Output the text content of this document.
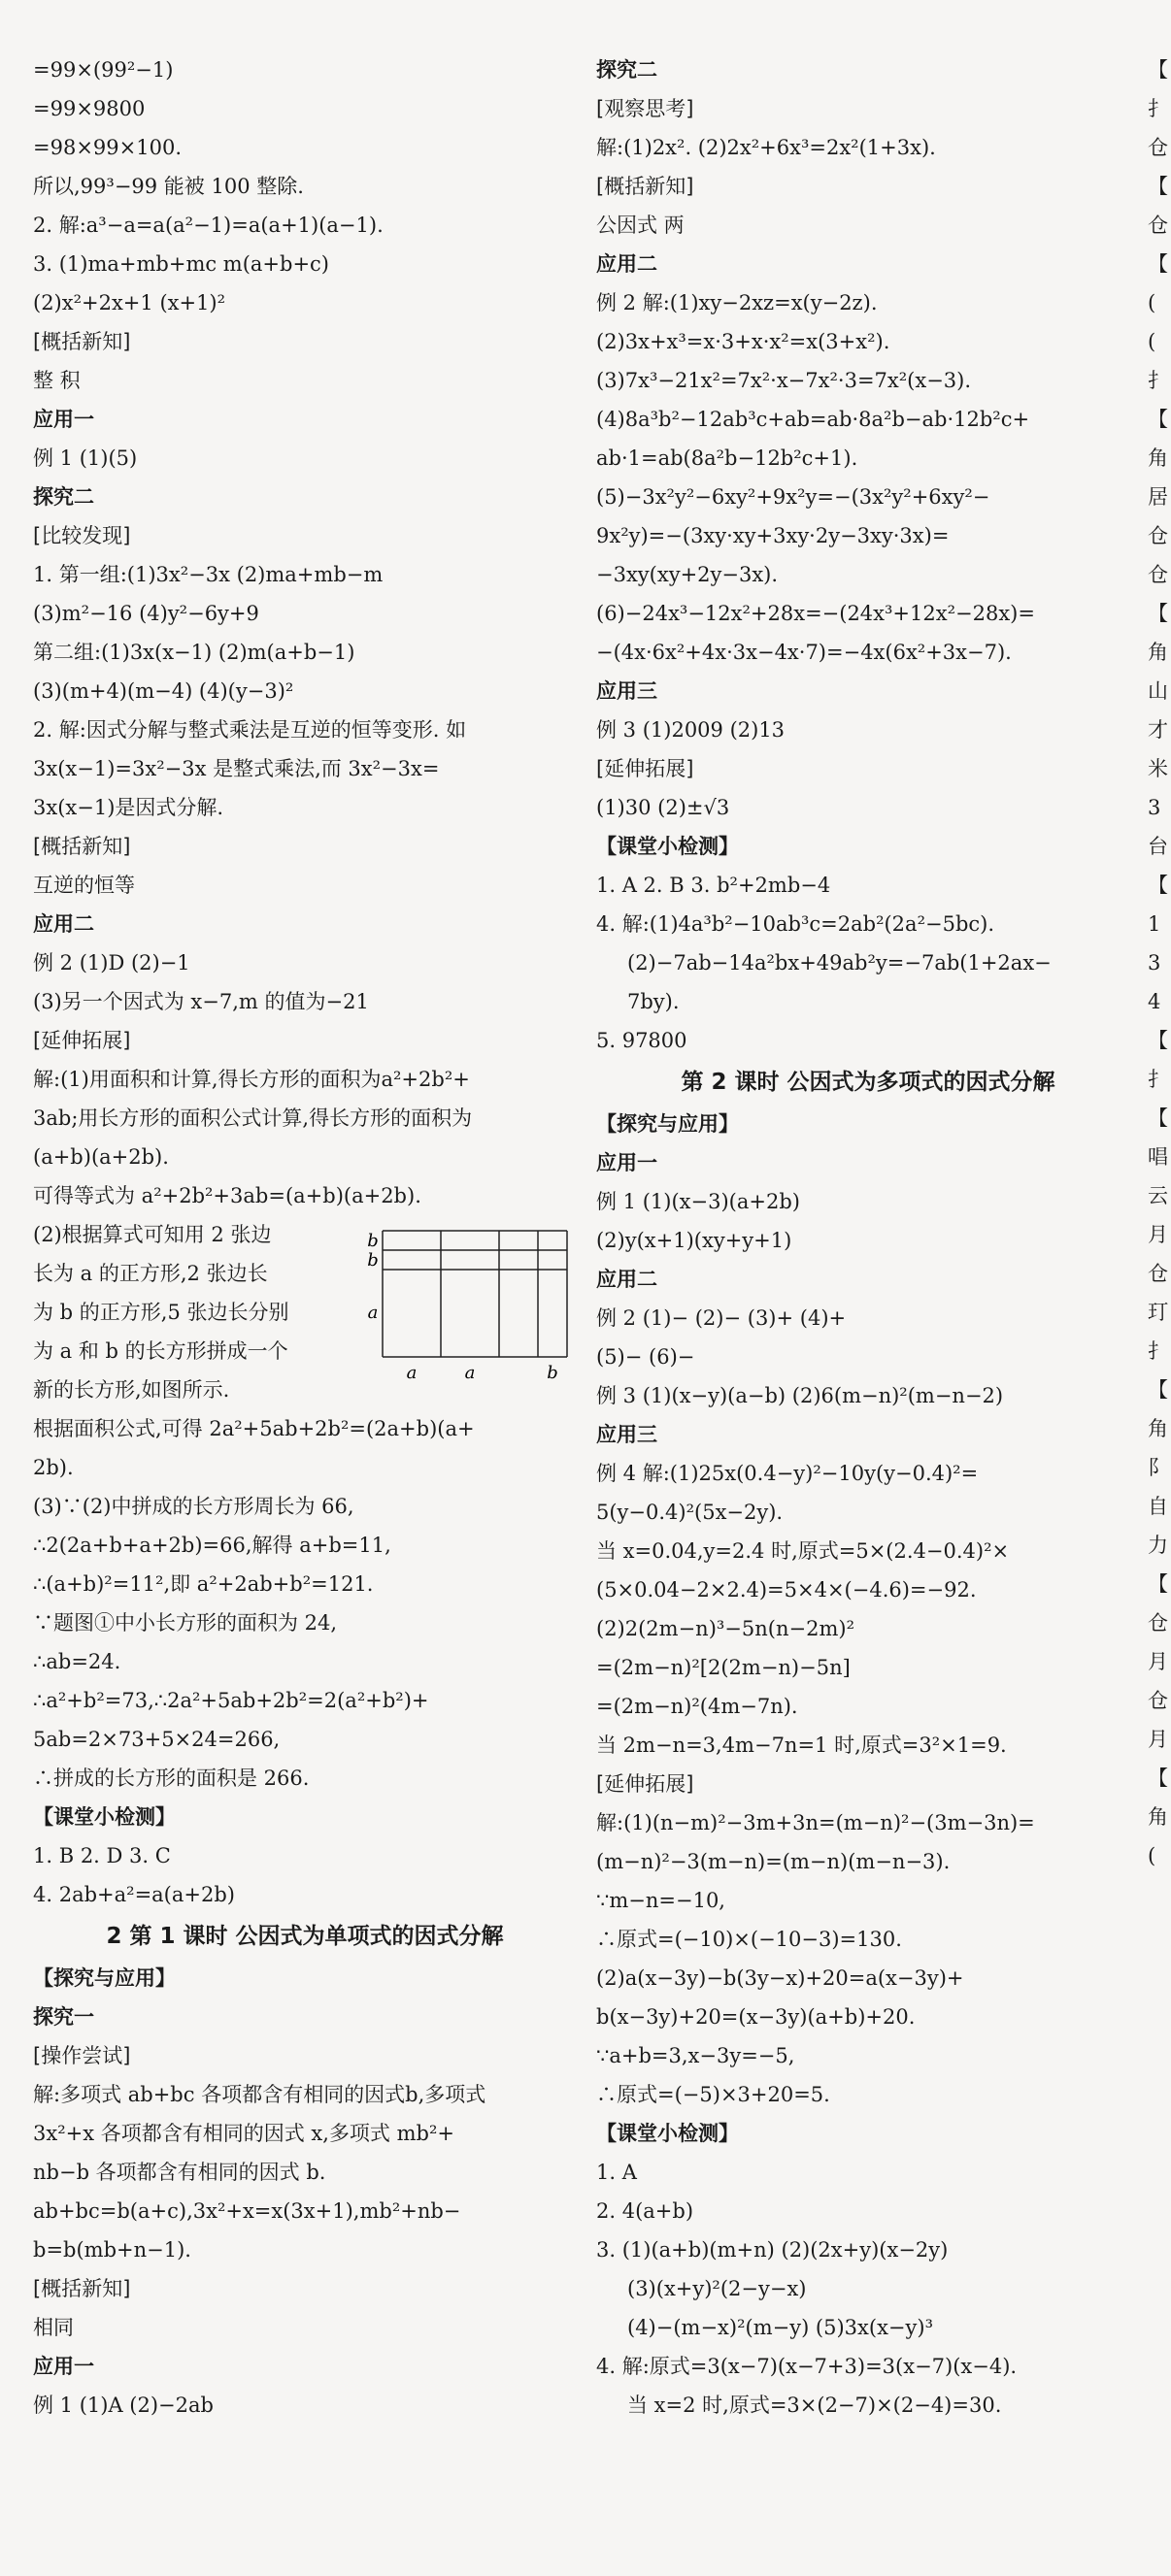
=99×(99²−1)
=99×9800
=98×99×100.
所以,99³−99 能被 100 整除.
2. 解:a³−a=a(a²−1)=a(a+1)(a−1).
3. (1)ma+mb+mc m(a+b+c)
(2)x²+2x+1 (x+1)²
[概括新知]
整 积
应用一
例 1 (1)(5)
探究二
[比较发现]
1. 第一组:(1)3x²−3x (2)ma+mb−m
(3)m²−16 (4)y²−6y+9
第二组:(1)3x(x−1) (2)m(a+b−1)
(3)(m+4)(m−4) (4)(y−3)²
2. 解:因式分解与整式乘法是互逆的恒等变形. 如
3x(x−1)=3x²−3x 是整式乘法,而 3x²−3x=
3x(x−1)是因式分解.
[概括新知]
互逆的恒等
应用二
例 2 (1)D (2)−1
(3)另一个因式为 x−7,m 的值为−21
[延伸拓展]
解:(1)用面积和计算,得长方形的面积为a²+2b²+
3ab;用长方形的面积公式计算,得长方形的面积为
(a+b)(a+2b).
可得等式为 a²+2b²+3ab=(a+b)(a+2b).
(2)根据算式可知用 2 张边
长为 a 的正方形,2 张边长
为 b 的正方形,5 张边长分别
为 a 和 b 的长方形拼成一个
新的长方形,如图所示.
b
b
a
a	a	b
根据面积公式,可得 2a²+5ab+2b²=(2a+b)(a+
2b).
(3)∵(2)中拼成的长方形周长为 66,
∴2(2a+b+a+2b)=66,解得 a+b=11,
∴(a+b)²=11²,即 a²+2ab+b²=121.
∵题图①中小长方形的面积为 24,
∴ab=24.
∴a²+b²=73,∴2a²+5ab+2b²=2(a²+b²)+
5ab=2×73+5×24=266,
∴拼成的长方形的面积是 266.
【课堂小检测】
1. B 2. D 3. C
4. 2ab+a²=a(a+2b)
2 第 1 课时 公因式为单项式的因式分解
【探究与应用】
探究一
[操作尝试]
解:多项式 ab+bc 各项都含有相同的因式b,多项式
3x²+x 各项都含有相同的因式 x,多项式 mb²+
nb−b 各项都含有相同的因式 b.
ab+bc=b(a+c),3x²+x=x(3x+1),mb²+nb−
b=b(mb+n−1).
[概括新知]
相同
应用一
例 1 (1)A (2)−2ab
探究二
[观察思考]
解:(1)2x². (2)2x²+6x³=2x²(1+3x).
[概括新知]
公因式 两
应用二
例 2 解:(1)xy−2xz=x(y−2z).
(2)3x+x³=x·3+x·x²=x(3+x²).
(3)7x³−21x²=7x²·x−7x²·3=7x²(x−3).
(4)8a³b²−12ab³c+ab=ab·8a²b−ab·12b²c+
ab·1=ab(8a²b−12b²c+1).
(5)−3x²y²−6xy²+9x²y=−(3x²y²+6xy²−
9x²y)=−(3xy·xy+3xy·2y−3xy·3x)=
−3xy(xy+2y−3x).
(6)−24x³−12x²+28x=−(24x³+12x²−28x)=
−(4x·6x²+4x·3x−4x·7)=−4x(6x²+3x−7).
应用三
例 3 (1)2009 (2)13
[延伸拓展]
(1)30 (2)±√3
【课堂小检测】
1. A 2. B 3. b²+2mb−4
4. 解:(1)4a³b²−10ab³c=2ab²(2a²−5bc).
(2)−7ab−14a²bx+49ab²y=−7ab(1+2ax−
7by).
5. 97800
第 2 课时 公因式为多项式的因式分解
【探究与应用】
应用一
例 1 (1)(x−3)(a+2b)
(2)y(x+1)(xy+y+1)
应用二
例 2 (1)− (2)− (3)+ (4)+
(5)− (6)−
例 3 (1)(x−y)(a−b) (2)6(m−n)²(m−n−2)
应用三
例 4 解:(1)25x(0.4−y)²−10y(y−0.4)²=
5(y−0.4)²(5x−2y).
当 x=0.04,y=2.4 时,原式=5×(2.4−0.4)²×
(5×0.04−2×2.4)=5×4×(−4.6)=−92.
(2)2(2m−n)³−5n(n−2m)²
=(2m−n)²[2(2m−n)−5n]
=(2m−n)²(4m−7n).
当 2m−n=3,4m−7n=1 时,原式=3²×1=9.
[延伸拓展]
解:(1)(n−m)²−3m+3n=(m−n)²−(3m−3n)=
(m−n)²−3(m−n)=(m−n)(m−n−3).
∵m−n=−10,
∴原式=(−10)×(−10−3)=130.
(2)a(x−3y)−b(3y−x)+20=a(x−3y)+
b(x−3y)+20=(x−3y)(a+b)+20.
∵a+b=3,x−3y=−5,
∴原式=(−5)×3+20=5.
【课堂小检测】
1. A
2. 4(a+b)
3. (1)(a+b)(m+n) (2)(2x+y)(x−2y)
(3)(x+y)²(2−y−x)
(4)−(m−x)²(m−y) (5)3x(x−y)³
4. 解:原式=3(x−7)(x−7+3)=3(x−7)(x−4).
当 x=2 时,原式=3×(2−7)×(2−4)=30.
【
扌
仓
【
仓
【
(
(
扌
【
角
居
仓
仓
【
角
山
才
米
3
台
【
1
3
4
【
扌
【
唱
云
月
仓
玎
扌
【
角
阝
自
力
【
仓
月
仓
月
【
角
(
